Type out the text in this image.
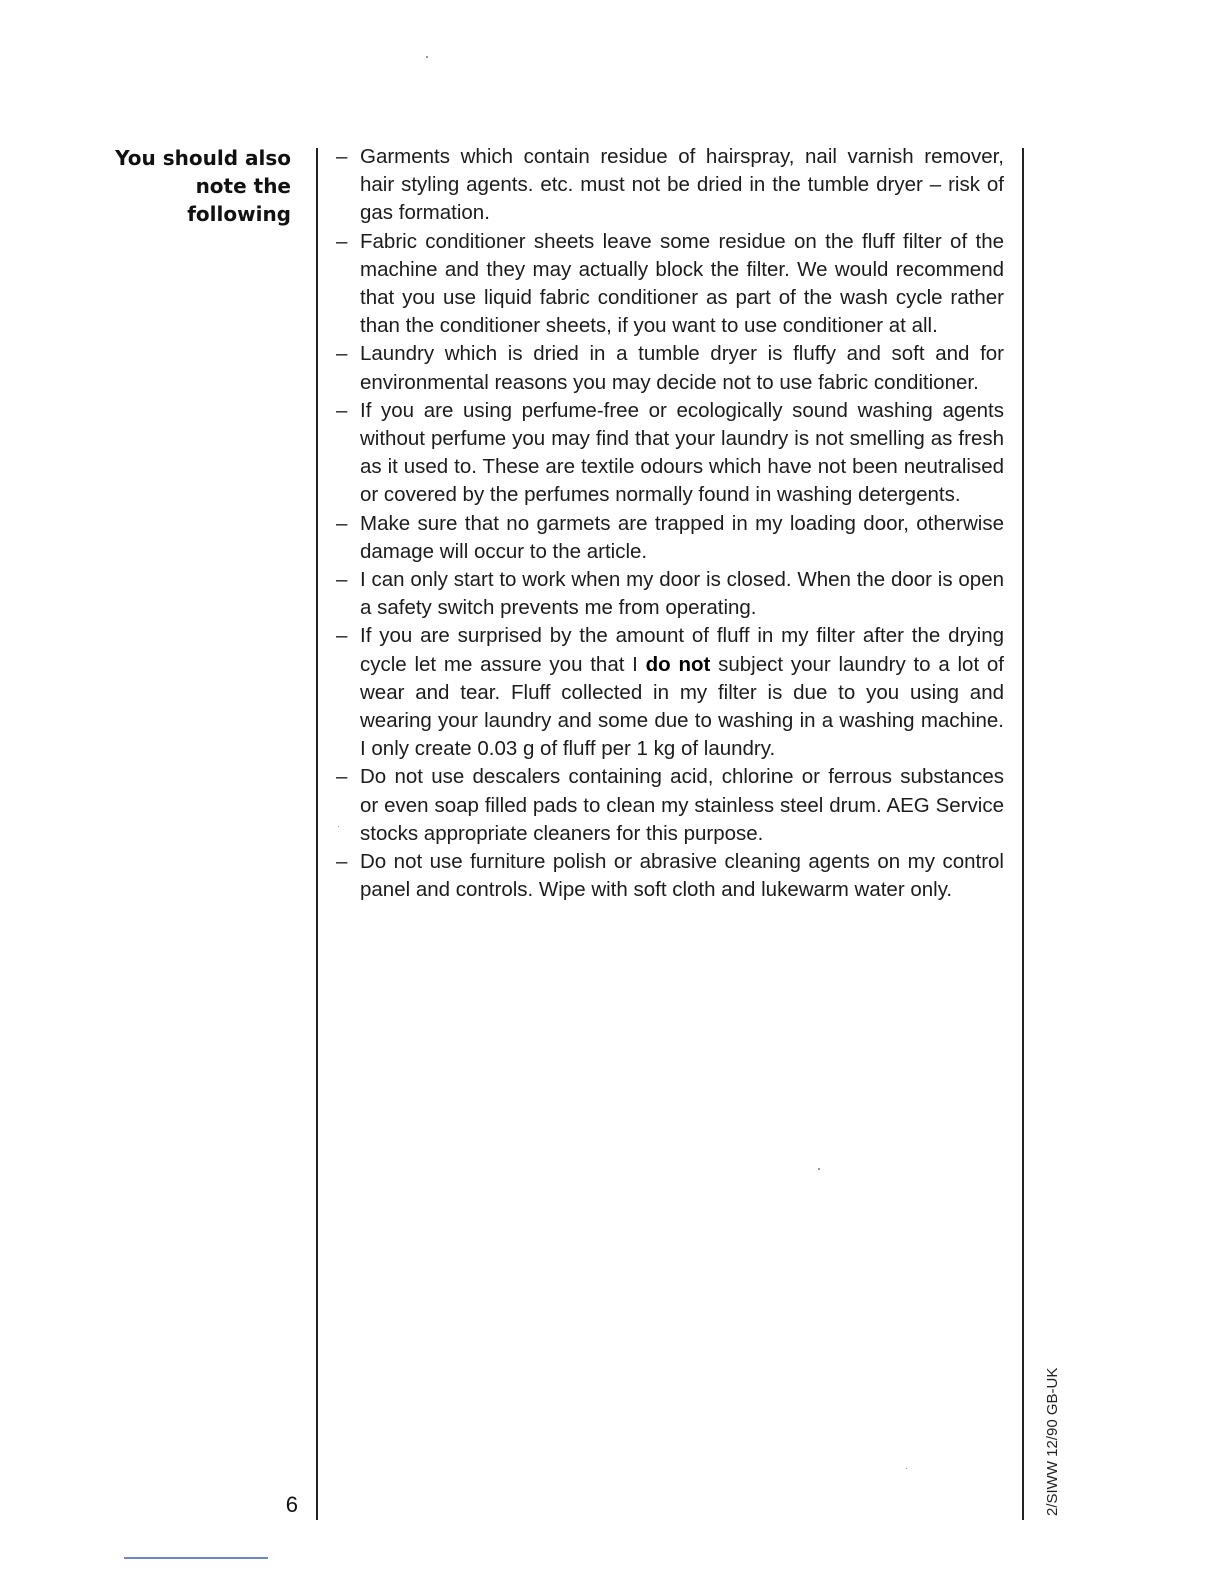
You should also
note the
following
– Garments which contain residue of hairspray, nail varnish remover, hair styling agents. etc. must not be dried in the tumble dryer – risk of gas formation.
– Fabric conditioner sheets leave some residue on the fluff filter of the machine and they may actually block the filter. We would recommend that you use liquid fabric conditioner as part of the wash cycle rather than the conditioner sheets, if you want to use conditioner at all.
– Laundry which is dried in a tumble dryer is fluffy and soft and for environmental reasons you may decide not to use fabric conditioner.
– If you are using perfume-free or ecologically sound washing agents without perfume you may find that your laundry is not smelling as fresh as it used to. These are textile odours which have not been neutralised or covered by the perfumes normally found in washing detergents.
– Make sure that no garmets are trapped in my loading door, otherwise damage will occur to the article.
– I can only start to work when my door is closed. When the door is open a safety switch prevents me from operating.
– If you are surprised by the amount of fluff in my filter after the drying cycle let me assure you that I do not subject your laundry to a lot of wear and tear. Fluff collected in my filter is due to you using and wearing your laundry and some due to washing in a washing machine. I only create 0.03 g of fluff per 1 kg of laundry.
– Do not use descalers containing acid, chlorine or ferrous substances or even soap filled pads to clean my stainless steel drum. AEG Service stocks appropriate cleaners for this purpose.
– Do not use furniture polish or abrasive cleaning agents on my control panel and controls. Wipe with soft cloth and lukewarm water only.
6	2/SIWW 12/90 GB-UK
